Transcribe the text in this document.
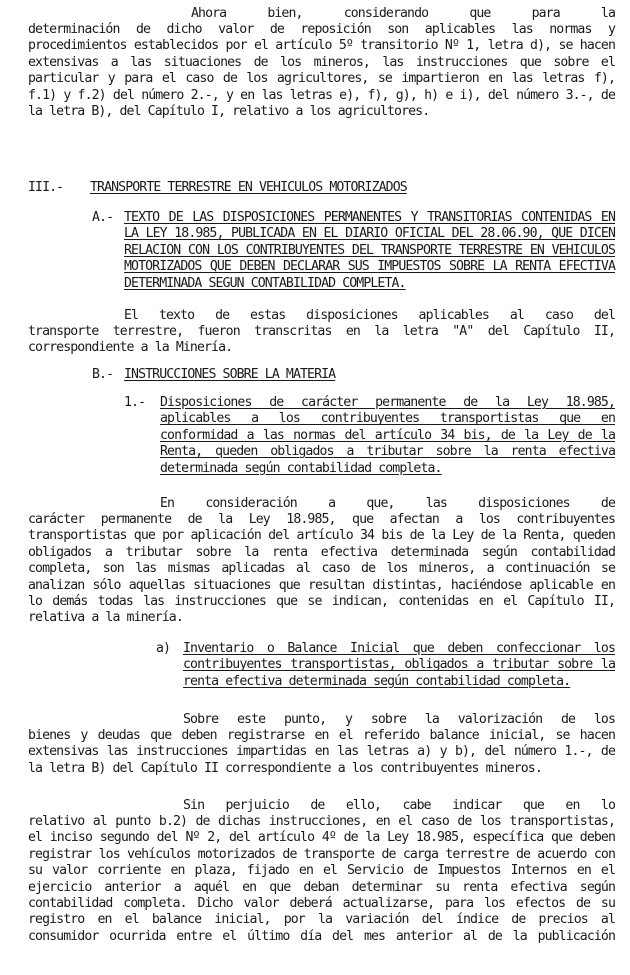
Ahora bien, considerando que para la

determinación de dicho valor de reposición son aplicables las normas y procedimientos establecidos por el artículo 5º transitorio Nº 1, letra d), se hacen extensivas a las situaciones de los mineros, las instrucciones que sobre el particular y para el caso de los agricultores, se impartieron en las letras f), f.1) y f.2) del número 2.-, y en las letras e), f), g), h) e i), del número 3.-, de la letra B), del Capítulo I, relativo a los agricultores.

III.- TRANSPORTE TERRESTRE EN VEHICULOS MOTORIZADOS
A.- TEXTO DE LAS DISPOSICIONES PERMANENTES Y TRANSITORIAS CONTENIDAS EN LA LEY 18.985, PUBLICADA EN EL DIARIO OFICIAL DEL 28.06.90, QUE DICEN RELACION CON LOS CONTRIBUYENTES DEL TRANSPORTE TERRESTRE EN VEHICULOS MOTORIZADOS QUE DEBEN DECLARAR SUS IMPUESTOS SOBRE LA RENTA EFECTIVA DETERMINADA SEGUN CONTABILIDAD COMPLETA.

El texto de estas disposiciones aplicables al caso del

transporte terrestre, fueron transcritas en la letra "A" del Capítulo II, correspondiente a la Minería.

B.- INSTRUCCIONES SOBRE LA MATERIA
1.- Disposiciones de carácter permanente de la Ley 18.985, aplicables a los contribuyentes transportistas que en conformidad a las normas del artículo 34 bis, de la Ley de la Renta, queden obligados a tributar sobre la renta efectiva determinada según contabilidad completa.

En consideración a que, las disposiciones de

carácter permanente de la Ley 18.985, que afectan a los contribuyentes transportistas que por aplicación del artículo 34 bis de la Ley de la Renta, queden obligados a tributar sobre la renta efectiva determinada según contabilidad completa, son las mismas aplicadas al caso de los mineros, a continuación se analizan sólo aquellas situaciones que resultan distintas, haciéndose aplicable en lo demás todas las instrucciones que se indican, contenidas en el Capítulo II, relativa a la minería.

a) Inventario o Balance Inicial que deben confeccionar los contribuyentes transportistas, obligados a tributar sobre la renta efectiva determinada según contabilidad completa.

Sobre este punto, y sobre la valorización de los

bienes y deudas que deben registrarse en el referido balance inicial, se hacen extensivas las instrucciones impartidas en las letras a) y b), del número 1.-, de la letra B) del Capítulo II correspondiente a los contribuyentes mineros.

Sin perjuicio de ello, cabe indicar que en lo

relativo al punto b.2) de dichas instrucciones, en el caso de los transportistas, el inciso segundo del Nº 2, del artículo 4º de la Ley 18.985, específica que deben registrar los vehículos motorizados de transporte de carga terrestre de acuerdo con su valor corriente en plaza, fijado en el Servicio de Impuestos Internos en el ejercicio anterior a aquél en que deban determinar su renta efectiva según contabilidad completa. Dicho valor deberá actualizarse, para los efectos de su registro en el balance inicial, por la variación del índice de precios al consumidor ocurrida entre el último día del mes anterior al de la publicación
